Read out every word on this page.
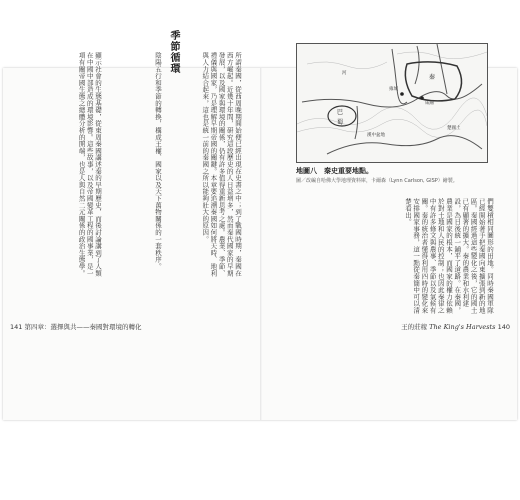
顯示社會的生態基礎，從東周秦國講述秦的早期歷史，而後討論講到了人類在中國中部造成的環境影響。這些故事，以及帝國變革工程的國事業，是一項有關帝國生態之總體分析的開端，也是人與自然二元關係的政治生態學。	陰陽五行和季節的轉換，構成王權、國家以及天下萬物關係的一套秩序。 季節循環	所謂秦國，從西周晚期開始便已經出現在史書之中；到了戰國時期，秦國在西方崛起。近幾十年間，研究這段歷史的人日益增多，然而秦代國家的早期發展，以及國家與環境的關係，仍有許多值得重新思考之處。農業、季節、禮儀與國家，乃是理解早期帝國的關鍵。本章要追溯秦國如何將天時、地利與人力結合起來，這也是統一前的秦國之所以能夠壯大的原因。
141 第四章：選擇與共——秦國對環境的轉化
秦
咸陽
雍城
巴
蜀
漢中盆地
楚國土
河
地圖八　秦史重要地點。
圖／改編自哈佛大學地理資料庫，卡爾森（Lynn Carlson, GISP）繪製。
們雙槓相同圖形的田地。同時秦國軍隊已經開始著手把秦國向東擴張到新的地區。秦國經過這些變化之後，它的國土已有顯著的擴大。秦的農業和水利建設，為日後統一鋪平了道路。在秦國，農業是國家的根本，而國家的權力依賴於對土地和人民的控制；也因此秦律之中有許多條文與農事、季節以及氣候有關。秦的統治者懂得利用四時的變化來安排國家事務，這一點從秦簡中可以清楚看出。
王的莊稼 The King's Harvests 140
